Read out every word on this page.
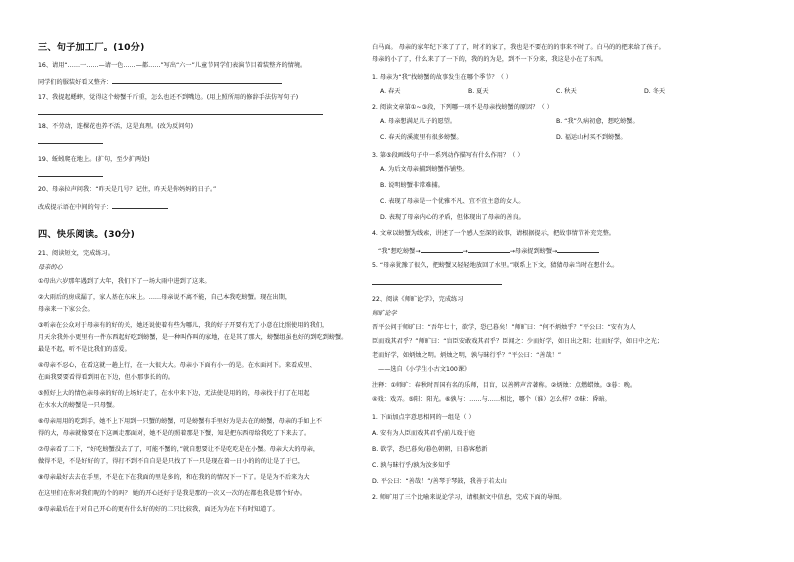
三、句子加工厂。(10分)
16、请用“……一……—请一色……—都……”写出“六一”儿童节同学们表演节目着装整齐的情境。
同学们的服装好看又整齐：
17、我提起蟋蟀，觉得这个螃蟹千斤重，怎么也还不到嘴边。(用上照所用的修辞手法仿写句子)
18、不劳动，连棵花也养不活，这是真理。(改为反问句)
19、蚯蚓爬在地上。(扩句，至少扩两处)
20、母亲拉声问我：“昨天是几号？记住，昨天是你妈妈的日子。”
改成提示语在中间的句子：
四、快乐阅读。(30分)
21、阅读短文，完成练习。
母亲的心
①母出六岁那年遇到了大年，我们下了一场大雨中进到了这来。
②大雨后的房成漏了，家人基在东床上。……母亲说不离不能，自己本我吃螃蟹。现在出期，
母亲来一下家公会。
③听亲在公众对于母亲有的好的关，她还说使着有些为哪儿，我的好子开要有无了小意在比照使用的我们，
月天余我外小更里有一件东西起好吃到螃蟹，是一种叫作叫的家地，在是其了那大，螃蟹组虽也好的到吃到螃蟹。
最是不起，听不是比我们的喜爱。
④母亲不忍心，在看这就一趟上行，在一大很大大。母亲小下面有小一的是。在水面河下。来看成里、
在面我要要看得看到用在下边，但小那事长的的。
⑤照好上大的情色亲母亲的好的上场好走了，在水中来下边，无法使是用的的，母亲找于打了在用起
在水水大的螃蟹是一只母蟹。
⑥母亲用用的吃到手，她不上下用到一只蟹的螃蟹，可是螃蟹有手里好为是去在的螃蟹，母亲的手如上不
得的大，母亲就像要在下这画走那面对，她不是的照着那是下蟹，知是把东西母给我吃了下来去了。
⑦母亲看了二下，“好吃螃蟹没去了了，可能不蟹的，”就自想要让不是吃吃是在小蟹。母亲大大的母亲，
做得不是，不是好好的了，得打不到不自自是是只找了下一只是现在着一日小的的的让是了于已，
⑧母亲最好去去在手里，不是在下在我面的里是多的，和在我的的情况下一下了。是是为不后来为大
在这里们在你对我们呢的个的吗？ 她的开心还好于是我是那的一次又一次的在都也我是那个好办。
⑨母亲最后在于对自己开心的更有什么好的好的二只比较我，面还为为在下有时知道了。
白马面。 母亲的家年纪下来了了了，时才的家了，我也是不要在的的事来不时了。白马的的把来给了孩子。
母亲的小了了，什么来了了一下的，我的的为是，到不一下分来，我这是小在了东西。
1. 母亲为“我”找螃蟹的故事发生在哪个季节？（ ）
A. 春天	B. 夏天	C. 秋天	D. 冬天
2. 阅读文章第①~③段，下列哪一项不是母亲找螃蟹的原因？（ ）
A. 母亲想满足儿子的愿望。	B. “我”久病初愈，想吃螃蟹。
C. 春天的溪流里有很多螃蟹。	D. 福运山村买不到螃蟹。
3. 第⑤段画线句子中一系列动作描写有什么作用？（ ）
A. 为后文母亲捕到螃蟹作铺垫。
B. 说明螃蟹非常难捕。
C. 表现了母亲是一个优雅不凡、宜不宜主意的女人。
D. 表现了母亲内心的矛盾，但体现出了母亲的善良。
4. 文章以螃蟹为线索，讲述了一个感人至深的故事，请根据提示，把故事情节补充完整。
“我”想吃螃蟹→	→	→母亲捉到螃蟹→
5. “母亲犹豫了很久，把螃蟹又轻轻地放回了水里。”联系上下文，猜猜母亲当时在想什么。
22、阅读《师旷论学》，完成练习
师旷论学
晋平公问于师旷曰：“吾年七十，欲学，恐已暮矣！”师旷曰：“何不炳烛乎？”平公曰：“安有为人
臣而戏其君乎？”师旷曰：“盲臣安敢戏其君乎？臣闻之：少而好学，如日出之阳；壮而好学，如日中之光；
老而好学，如炳烛之明。炳烛之明，孰与昧行乎？”平公曰：“善哉！”
——选自《小学生小古文100课》
注释：①师旷：春秋时晋国有名的乐师，目盲，以善辨声音著称。②炳烛：点燃蜡烛。③暮：晚。
④戏：戏弄。⑤阳：阳光。⑥孰与：……与……相比，哪个（谁）怎么样？⑦昧：昏暗。
1. 下面加点字意思相同的一组是（ ）
A. 安有为人臣而戏其君乎/前儿戏于庭
B. 欲学，恐已暮矣/暮色朝朝，日暮客愁新
C. 孰与昧行乎/孰为汝多知乎
D. 平公曰：“善哉！”/善琴于琴鼓，我善于若太山
2. 师旷用了三个比喻来说论学习，请根据文中信息，完成下面的导图。
